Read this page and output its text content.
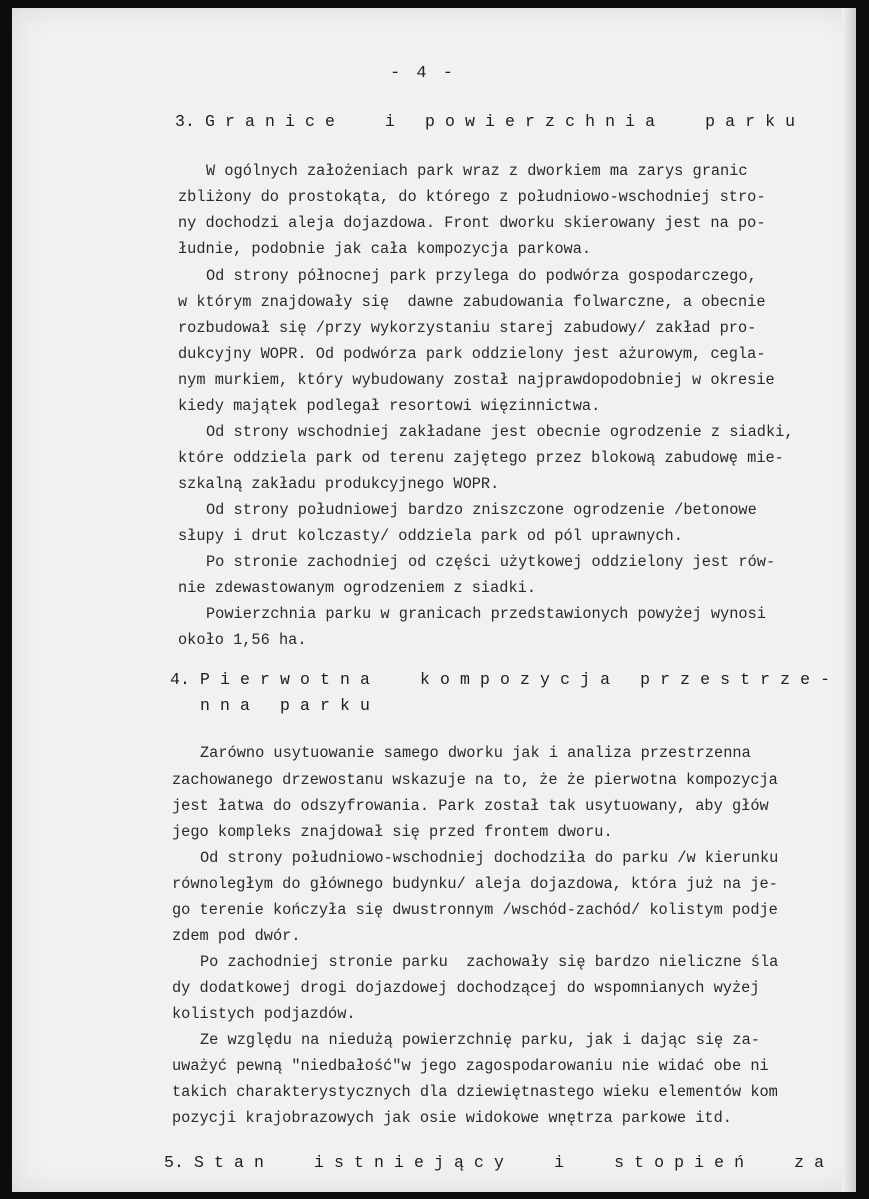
- 4 -
3. G r a n i c e     i   p o w i e r z c h n i a     p a r k u

W ogólnych założeniach park wraz z dworkiem ma zarys granic

zbliżony do prostokąta, do którego z południowo-wschodniej stro-

ny dochodzi aleja dojazdowa. Front dworku skierowany jest na po-

łudnie, podobnie jak cała kompozycja parkowa.

Od strony północnej park przylega do podwórza gospodarczego,

w którym znajdowały się  dawne zabudowania folwarczne, a obecnie

rozbudował się /przy wykorzystaniu starej zabudowy/ zakład pro-

dukcyjny WOPR. Od podwórza park oddzielony jest ażurowym, cegla-

nym murkiem, który wybudowany został najprawdopodobniej w okresie

kiedy majątek podlegał resortowi więzinnictwa.

Od strony wschodniej zakładane jest obecnie ogrodzenie z siadki,

które oddziela park od terenu zajętego przez blokową zabudowę mie-

szkalną zakładu produkcyjnego WOPR.

Od strony południowej bardzo zniszczone ogrodzenie /betonowe

słupy i drut kolczasty/ oddziela park od pól uprawnych.

Po stronie zachodniej od części użytkowej oddzielony jest rów-

nie zdewastowanym ogrodzeniem z siadki.

Powierzchnia parku w granicach przedstawionych powyżej wynosi

około 1,56 ha.

4. P i e r w o t n a     k o m p o z y c j a   p r z e s t r z e -
n n a   p a r k u

Zarówno usytuowanie samego dworku jak i analiza przestrzenna

zachowanego drzewostanu wskazuje na to, że że pierwotna kompozycja

jest łatwa do odszyfrowania. Park został tak usytuowany, aby głów

jego kompleks znajdował się przed frontem dworu.

Od strony południowo-wschodniej dochodziła do parku /w kierunku

równoległym do głównego budynku/ aleja dojazdowa, która już na je-

go terenie kończyła się dwustronnym /wschód-zachód/ kolistym podje

zdem pod dwór.

Po zachodniej stronie parku  zachowały się bardzo nieliczne śla

dy dodatkowej drogi dojazdowej dochodzącej do wspomnianych wyżej

kolistych podjazdów.

Ze względu na niedużą powierzchnię parku, jak i dając się za-

uważyć pewną "niedbałość"w jego zagospodarowaniu nie widać obe ni

takich charakterystycznych dla dziewiętnastego wieku elementów kom

pozycji krajobrazowych jak osie widokowe wnętrza parkowe itd.

5. S t a n     i s t n i e j ą c y     i     s t o p i e ń     z a
